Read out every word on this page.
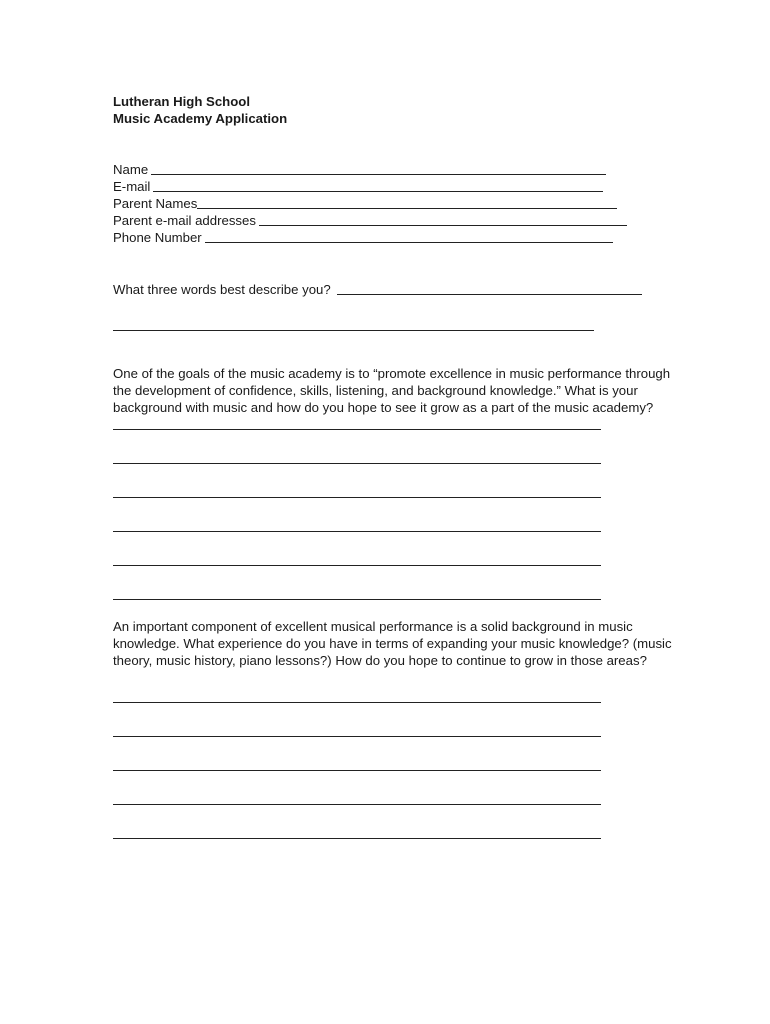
Lutheran High School
Music Academy Application
Name
E-mail
Parent Names
Parent e-mail addresses
Phone Number
What three words best describe you?

One of the goals of the music academy is to “promote excellence in music performance through the development of confidence, skills, listening, and background knowledge.” What is your background with music and how do you hope to see it grow as a part of the music academy?

An important component of excellent musical performance is a solid background in music knowledge. What experience do you have in terms of expanding your music knowledge? (music theory, music history, piano lessons?) How do you hope to continue to grow in those areas?
